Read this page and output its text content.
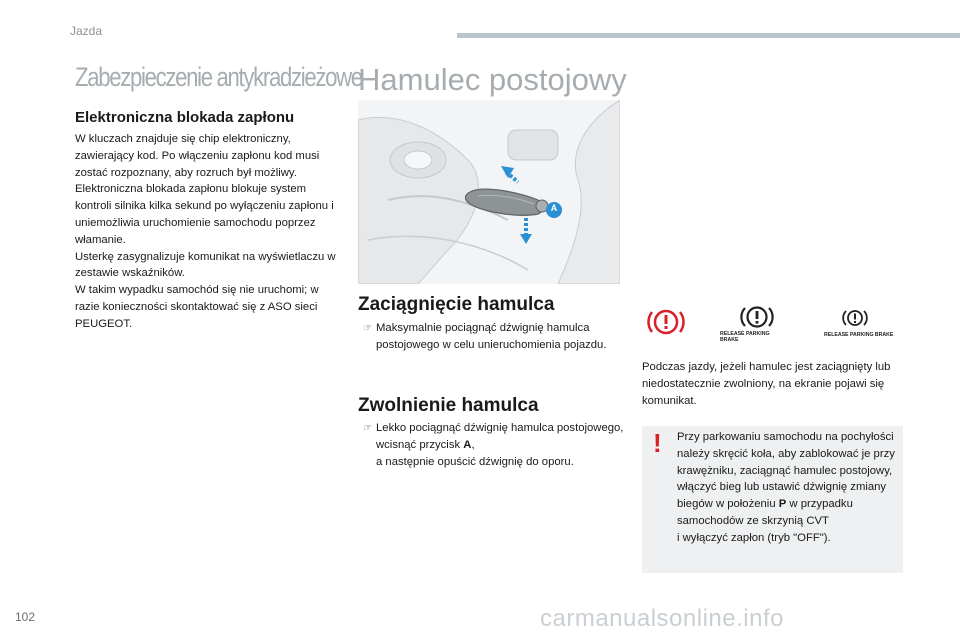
Jazda
Zabezpieczenie antykradzieżowe
Hamulec postojowy
Elektroniczna blokada zapłonu

W kluczach znajduje się chip elektroniczny, zawierający kod. Po włączeniu zapłonu kod musi zostać rozpoznany, aby rozruch był możliwy.

Elektroniczna blokada zapłonu blokuje system kontroli silnika kilka sekund po wyłączeniu zapłonu i uniemożliwia uruchomienie samochodu poprzez włamanie.

Usterkę zasygnalizuje komunikat na wyświetlaczu w zestawie wskaźników.

W takim wypadku samochód się nie uruchomi; w razie konieczności skontaktować się z ASO sieci PEUGEOT.

A
Zaciągnięcie hamulca
☞ Maksymalnie pociągnąć dźwignię hamulca postojowego w celu unieruchomienia pojazdu.
Zwolnienie hamulca
☞ Lekko pociągnąć dźwignię hamulca postojowego, wcisnąć przycisk A,
a następnie opuścić dźwignię do oporu.
RELEASE PARKING BRAKE
RELEASE PARKING BRAKE
Podczas jazdy, jeżeli hamulec jest zaciągnięty lub niedostatecznie zwolniony, na ekranie pojawi się komunikat.
! Przy parkowaniu samochodu na pochyłości należy skręcić koła, aby zablokować je przy krawężniku, zaciągnąć hamulec postojowy, włączyć bieg lub ustawić dźwignię zmiany biegów w położeniu P w przypadku samochodów ze skrzynią CVT
i wyłączyć zapłon (tryb "OFF").
102	carmanualsonline.info
